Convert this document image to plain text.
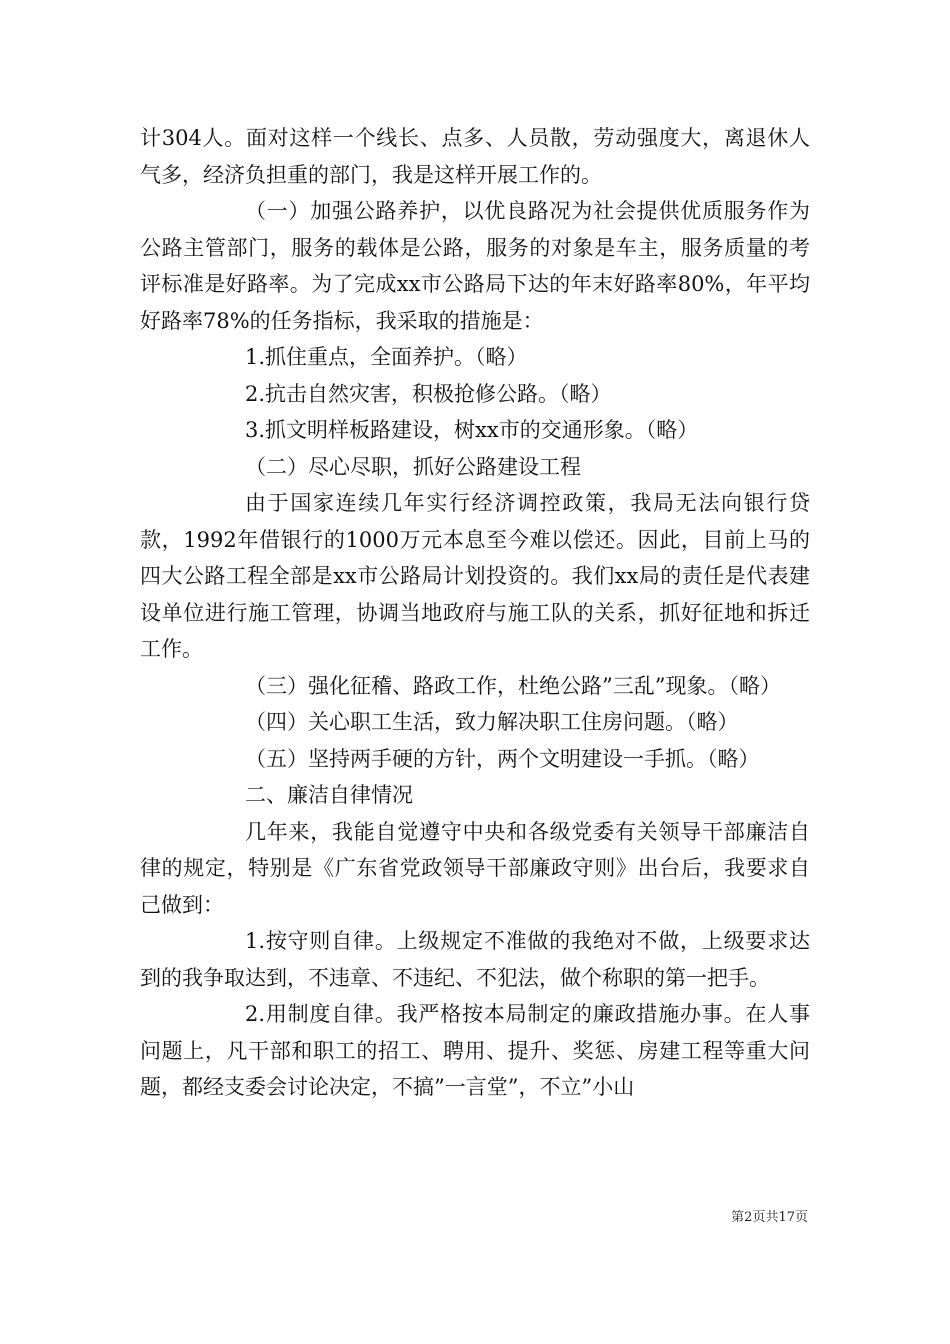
计304人。面对这样一个线长、点多、人员散，劳动强度大，离退休人气多，经济负担重的部门，我是这样开展工作的。

（一）加强公路养护，以优良路况为社会提供优质服务作为公路主管部门，服务的载体是公路，服务的对象是车主，服务质量的考评标准是好路率。为了完成xx市公路局下达的年末好路率80%，年平均好路率78%的任务指标，我采取的措施是：

1.抓住重点，全面养护。（略）

2.抗击自然灾害，积极抢修公路。（略）

3.抓文明样板路建设，树xx市的交通形象。（略）

（二）尽心尽职，抓好公路建设工程

由于国家连续几年实行经济调控政策，我局无法向银行贷款，1992年借银行的1000万元本息至今难以偿还。因此，目前上马的四大公路工程全部是xx市公路局计划投资的。我们xx局的责任是代表建设单位进行施工管理，协调当地政府与施工队的关系，抓好征地和拆迁工作。

（三）强化征稽、路政工作，杜绝公路”三乱”现象。（略）

（四）关心职工生活，致力解决职工住房问题。（略）

（五）坚持两手硬的方针，两个文明建设一手抓。（略）

二、廉洁自律情况

几年来，我能自觉遵守中央和各级党委有关领导干部廉洁自律的规定，特别是《广东省党政领导干部廉政守则》出台后，我要求自己做到：

1.按守则自律。上级规定不准做的我绝对不做，上级要求达到的我争取达到，不违章、不违纪、不犯法，做个称职的第一把手。

2.用制度自律。我严格按本局制定的廉政措施办事。在人事问题上，凡干部和职工的招工、聘用、提升、奖惩、房建工程等重大问题，都经支委会讨论决定，不搞”一言堂”，不立”小山

第2页共17页
